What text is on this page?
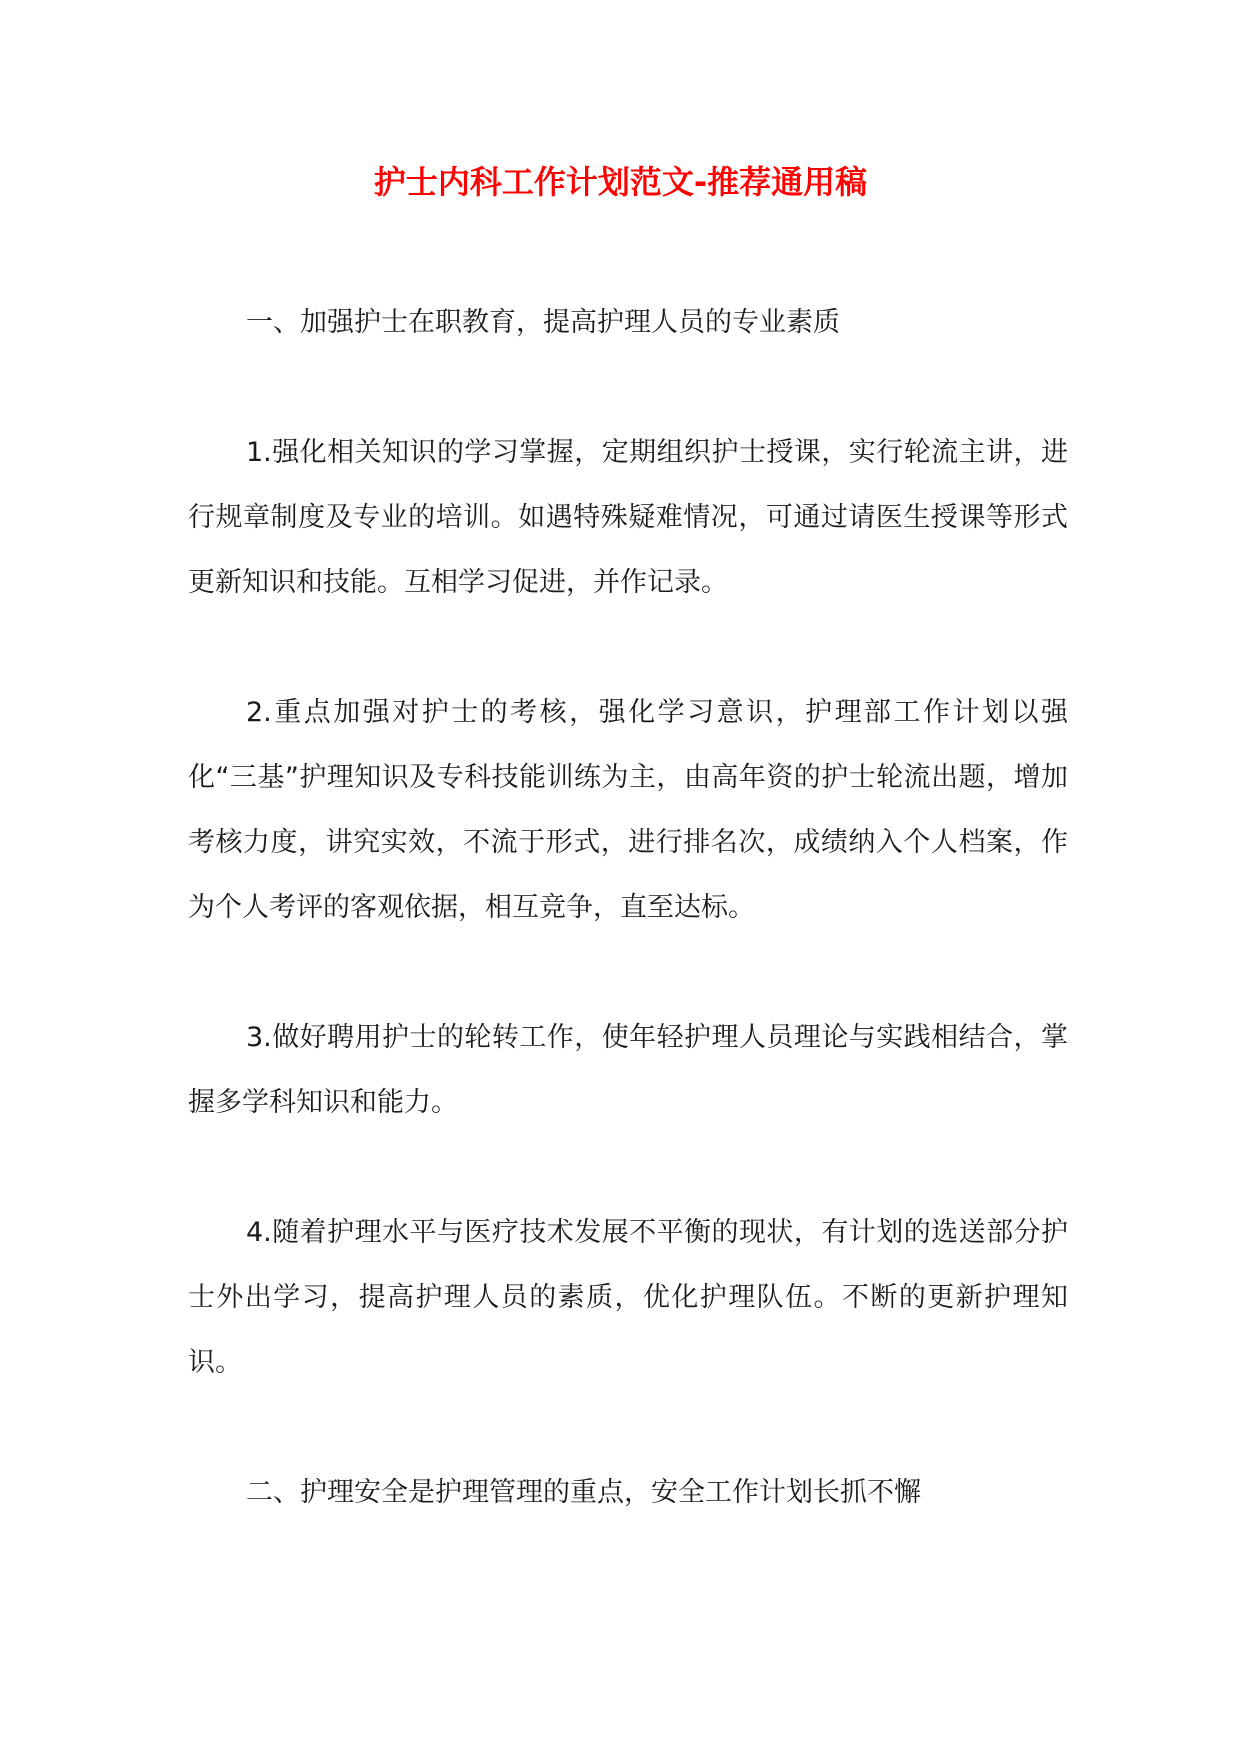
护士内科工作计划范文-推荐通用稿

一、加强护士在职教育，提高护理人员的专业素质

1.强化相关知识的学习掌握，定期组织护士授课，实行轮流主讲，进行规章制度及专业的培训。如遇特殊疑难情况，可通过请医生授课等形式更新知识和技能。互相学习促进，并作记录。

2.重点加强对护士的考核，强化学习意识，护理部工作计划以强化“三基”护理知识及专科技能训练为主，由高年资的护士轮流出题，增加考核力度，讲究实效，不流于形式，进行排名次，成绩纳入个人档案，作为个人考评的客观依据，相互竞争，直至达标。

3.做好聘用护士的轮转工作，使年轻护理人员理论与实践相结合，掌握多学科知识和能力。

4.随着护理水平与医疗技术发展不平衡的现状，有计划的选送部分护士外出学习，提高护理人员的素质，优化护理队伍。不断的更新护理知识。

二、护理安全是护理管理的重点，安全工作计划长抓不懈
